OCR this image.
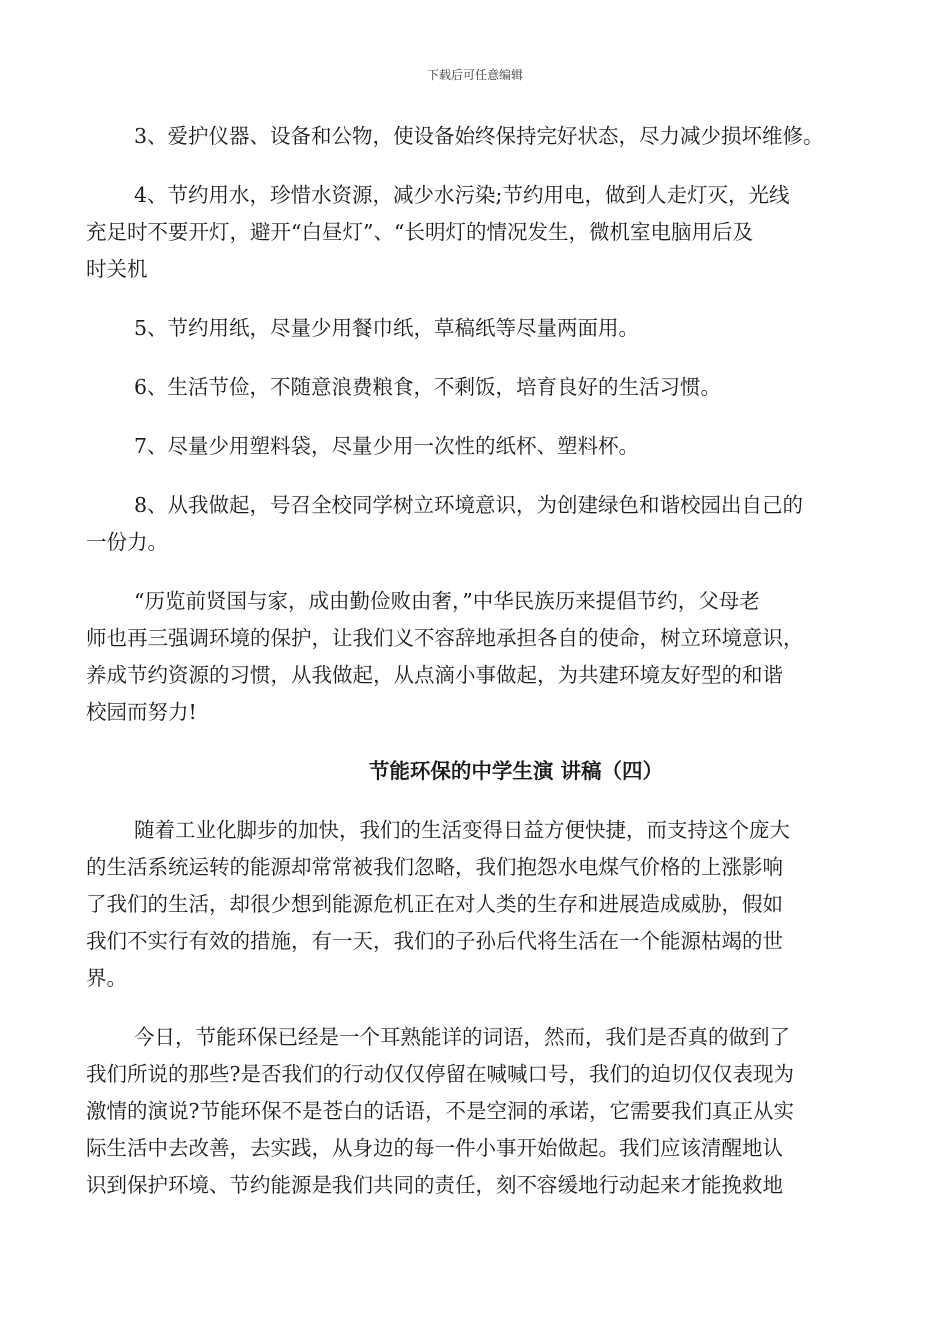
下载后可任意编辑
3、爱护仪器、设备和公物，使设备始终保持完好状态，尽力减少损坏维修。
4、节约用水，珍惜水资源，减少水污染;节约用电，做到人走灯灭，光线
充足时不要开灯，避开“白昼灯”、“长明灯的情况发生，微机室电脑用后及
时关机
5、节约用纸，尽量少用餐巾纸，草稿纸等尽量两面用。
6、生活节俭，不随意浪费粮食，不剩饭，培育良好的生活习惯。
7、尽量少用塑料袋，尽量少用一次性的纸杯、塑料杯。
8、从我做起，号召全校同学树立环境意识，为创建绿色和谐校园出自己的
一份力。
“历览前贤国与家，成由勤俭败由奢，”中华民族历来提倡节约，父母老
师也再三强调环境的保护，让我们义不容辞地承担各自的使命，树立环境意识，
养成节约资源的习惯，从我做起，从点滴小事做起，为共建环境友好型的和谐
校园而努力!
节能环保的中学生演 讲稿（四）
随着工业化脚步的加快，我们的生活变得日益方便快捷，而支持这个庞大
的生活系统运转的能源却常常被我们忽略，我们抱怨水电煤气价格的上涨影响
了我们的生活，却很少想到能源危机正在对人类的生存和进展造成威胁，假如
我们不实行有效的措施，有一天，我们的子孙后代将生活在一个能源枯竭的世
界。
今日，节能环保已经是一个耳熟能详的词语，然而，我们是否真的做到了
我们所说的那些?是否我们的行动仅仅停留在喊喊口号，我们的迫切仅仅表现为
激情的演说?节能环保不是苍白的话语，不是空洞的承诺，它需要我们真正从实
际生活中去改善，去实践，从身边的每一件小事开始做起。我们应该清醒地认
识到保护环境、节约能源是我们共同的责任，刻不容缓地行动起来才能挽救地
